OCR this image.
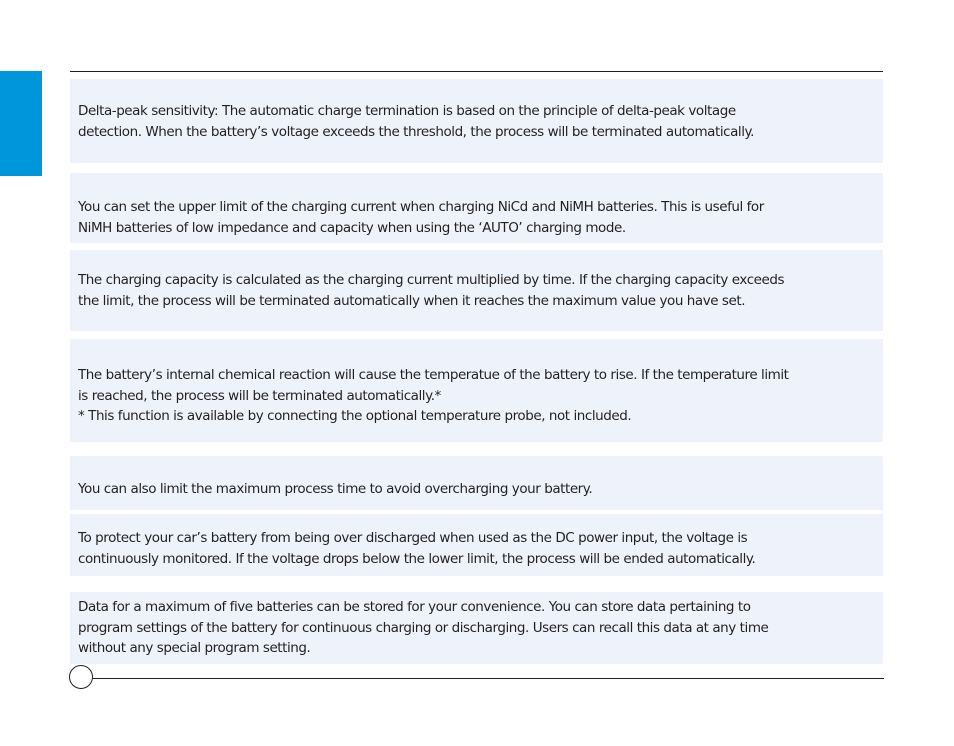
Delta-peak sensitivity: The automatic charge termination is based on the principle of delta-peak voltage

detection. When the battery’s voltage exceeds the threshold, the process will be terminated automatically.

You can set the upper limit of the charging current when charging NiCd and NiMH batteries. This is useful for

NiMH batteries of low impedance and capacity when using the ‘AUTO’ charging mode.

The charging capacity is calculated as the charging current multiplied by time. If the charging capacity exceeds

the limit, the process will be terminated automatically when it reaches the maximum value you have set.

The battery’s internal chemical reaction will cause the temperatue of the battery to rise. If the temperature limit

is reached, the process will be terminated automatically.*

* This function is available by connecting the optional temperature probe, not included.

You can also limit the maximum process time to avoid overcharging your battery.

To protect your car’s battery from being over discharged when used as the DC power input, the voltage is

continuously monitored. If the voltage drops below the lower limit, the process will be ended automatically.

Data for a maximum of five batteries can be stored for your convenience. You can store data pertaining to

program settings of the battery for continuous charging or discharging. Users can recall this data at any time

without any special program setting.
